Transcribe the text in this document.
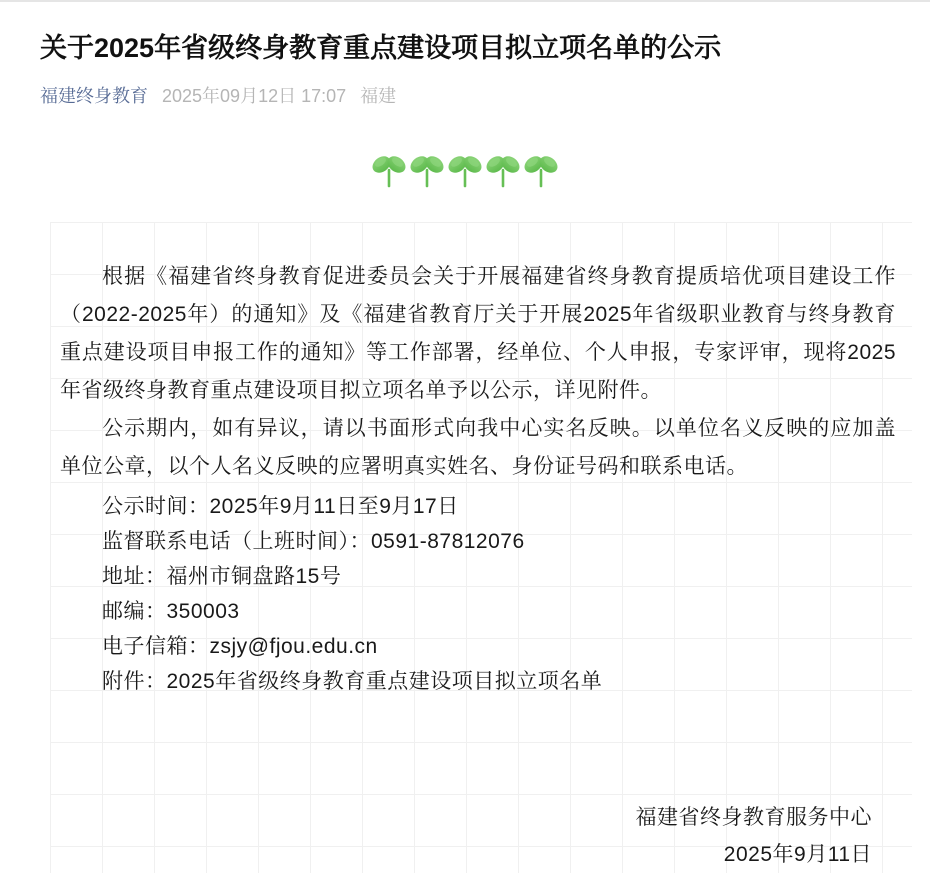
关于2025年省级终身教育重点建设项目拟立项名单的公示
福建终身教育 2025年09月12日 17:07 福建

根据《福建省终身教育促进委员会关于开展福建省终身教育提质培优项目建设工作（2022-2025年）的通知》及《福建省教育厅关于开展2025年省级职业教育与终身教育重点建设项目申报工作的通知》等工作部署，经单位、个人申报，专家评审，现将2025年省级终身教育重点建设项目拟立项名单予以公示，详见附件。

公示期内，如有异议，请以书面形式向我中心实名反映。以单位名义反映的应加盖单位公章，以个人名义反映的应署明真实姓名、身份证号码和联系电话。

公示时间：2025年9月11日至9月17日

监督联系电话（上班时间）：0591-87812076

地址：福州市铜盘路15号

邮编：350003

电子信箱：zsjy@fjou.edu.cn

附件：2025年省级终身教育重点建设项目拟立项名单

福建省终身教育服务中心

2025年9月11日
